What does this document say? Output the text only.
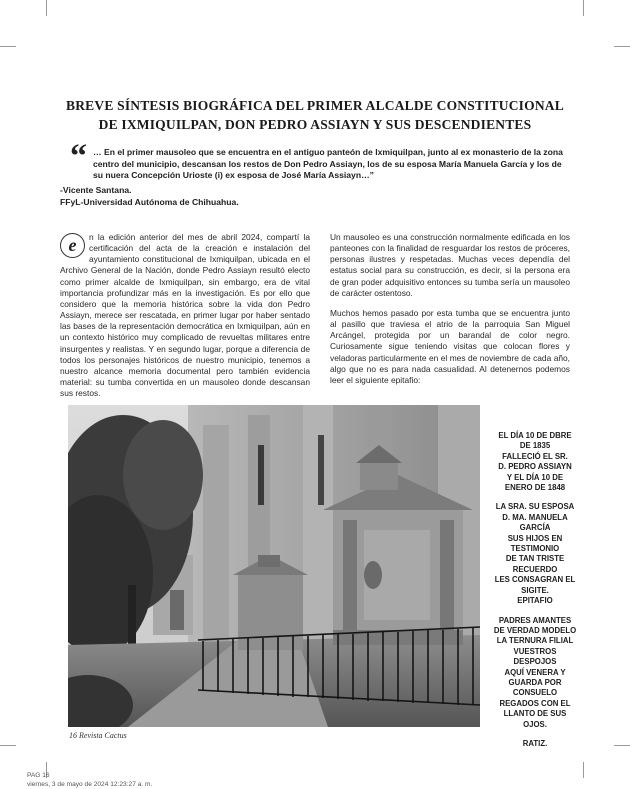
BREVE SÍNTESIS BIOGRÁFICA DEL PRIMER ALCALDE CONSTITUCIONAL
DE IXMIQUILPAN, DON PEDRO ASSIAYN Y SUS DESCENDIENTES
“ … En el primer mausoleo que se encuentra en el antiguo panteón de Ixmiquilpan, junto al ex monasterio de la zona centro del municipio, descansan los restos de Don Pedro Assiayn, los de su esposa María Manuela García y los de su nuera Concepción Urioste (i) ex esposa de José María Assiayn…”
-Vicente Santana.
FFyL-Universidad Autónoma de Chihuahua.

e	n la edición anterior del mes de abril 2024, compartí la certificación del acta de la creación e instalación del ayuntamiento constitucional de Ixmiquilpan, ubicada en el Archivo General de la Nación, donde Pedro Assiayn resultó electo como primer alcalde de Ixmiquilpan, sin embargo, era de vital importancia profundizar más en la investigación. Es por ello que considero que la memoria histórica sobre la vida don Pedro Assiayn, merece ser rescatada, en primer lugar por haber sentado las bases de la representación democrática en Ixmiquilpan, aún en un contexto histórico muy complicado de revueltas militares entre insurgentes y realistas. Y en segundo lugar, porque a diferencia de todos los personajes históricos de nuestro municipio, tenemos a nuestro alcance memoria documental pero también evidencia material: su tumba convertida en un mausoleo donde descansan sus restos.

Un mausoleo es una construcción normalmente edificada en los panteones con la finalidad de resguardar los restos de próceres, personas ilustres y respetadas. Muchas veces dependía del estatus social para su construcción, es decir, si la persona era de gran poder adquisitivo entonces su tumba sería un mausoleo de carácter ostentoso.

Muchos hemos pasado por esta tumba que se encuentra junto al pasillo que traviesa el atrio de la parroquia San Miguel Arcángel, protegida por un barandal de color negro. Curiosamente sigue teniendo visitas que colocan flores y veladoras particularmente en el mes de noviembre de cada año, algo que no es para nada casualidad. Al detenernos podemos leer el siguiente epitafio:

EL DÍA 10 DE DBRE
DE 1835
FALLECIÓ EL SR.
D. PEDRO ASSIAYN
Y EL DÍA 10 DE
ENERO DE 1848
LA SRA. SU ESPOSA
D. MA. MANUELA
GARCÍA
SUS HIJOS EN
TESTIMONIO
DE TAN TRISTE
RECUERDO
LES CONSAGRAN EL
SIGITE.
EPITAFIO
PADRES AMANTES
DE VERDAD MODELO
LA TERNURA FILIAL
VUESTROS
DESPOJOS
AQUÍ VENERA Y
GUARDA POR
CONSUELO
REGADOS CON EL
LLANTO DE SUS
OJOS.
RATIZ.
16 Revista Cactus
PAG 16
viernes, 3 de mayo de 2024 12:23:27 a. m.
